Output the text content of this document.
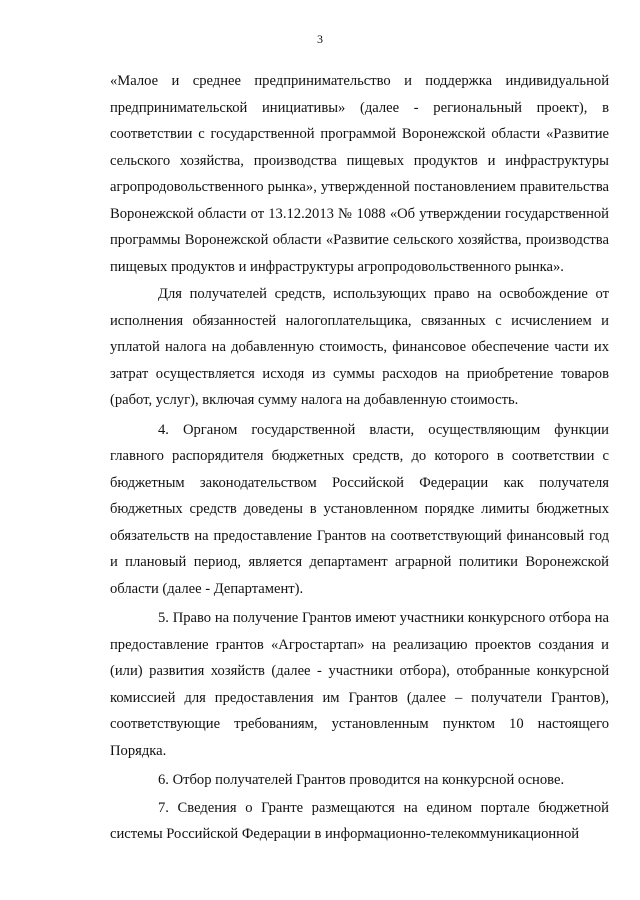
3

«Малое и среднее предпринимательство и поддержка индивидуальной предпринимательской инициативы» (далее - региональный проект), в соответствии с государственной программой Воронежской области «Развитие сельского хозяйства, производства пищевых продуктов и инфраструктуры агропродовольственного рынка», утвержденной постановлением правительства Воронежской области от 13.12.2013 № 1088 «Об утверждении государственной программы Воронежской области «Развитие сельского хозяйства, производства пищевых продуктов и инфраструктуры агропродовольственного рынка».

Для получателей средств, использующих право на освобождение от исполнения обязанностей налогоплательщика, связанных с исчислением и уплатой налога на добавленную стоимость, финансовое обеспечение части их затрат осуществляется исходя из суммы расходов на приобретение товаров (работ, услуг), включая сумму налога на добавленную стоимость.

4. Органом государственной власти, осуществляющим функции главного распорядителя бюджетных средств, до которого в соответствии с бюджетным законодательством Российской Федерации как получателя бюджетных средств доведены в установленном порядке лимиты бюджетных обязательств на предоставление Грантов на соответствующий финансовый год и плановый период, является департамент аграрной политики Воронежской области (далее - Департамент).

5. Право на получение Грантов имеют участники конкурсного отбора на предоставление грантов «Агростартап» на реализацию проектов создания и (или) развития хозяйств (далее - участники отбора), отобранные конкурсной комиссией для предоставления им Грантов (далее – получатели Грантов), соответствующие требованиям, установленным пунктом 10 настоящего Порядка.

6. Отбор получателей Грантов проводится на конкурсной основе.

7. Сведения о Гранте размещаются на едином портале бюджетной системы Российской Федерации в информационно-телекоммуникационной
